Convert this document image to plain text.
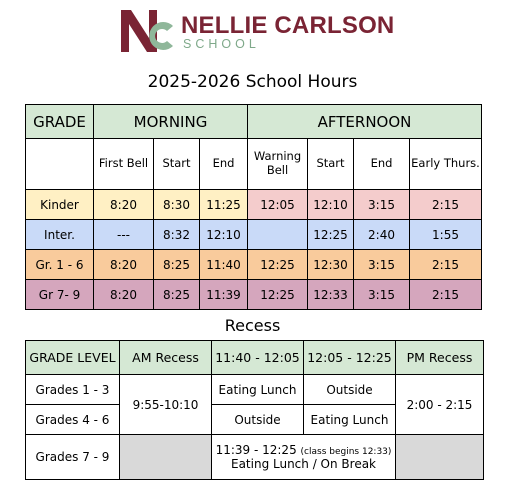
NELLIE CARLSON
SCHOOL
2025-2026 School Hours
GRADE	MORNING			AFTERNOON			
	First Bell	Start	End	Warning Bell	Start	End	Early Thurs.
Kinder	8:20	8:30	11:25	12:05	12:10	3:15	2:15
Inter.	---	8:32	12:10		12:25	2:40	1:55
Gr. 1 - 6	8:20	8:25	11:40	12:25	12:30	3:15	2:15
Gr 7- 9	8:20	8:25	11:39	12:25	12:33	3:15	2:15
Recess
GRADE LEVEL	AM Recess	11:40 - 12:05	12:05 - 12:25	PM Recess
Grades 1 - 3	9:55-10:10	Eating Lunch	Outside	2:00 - 2:15
Grades 4 - 6		Outside	Eating Lunch	
Grades 7 - 9		11:39 - 12:25 (class begins 12:33)
Eating Lunch / On Break		
